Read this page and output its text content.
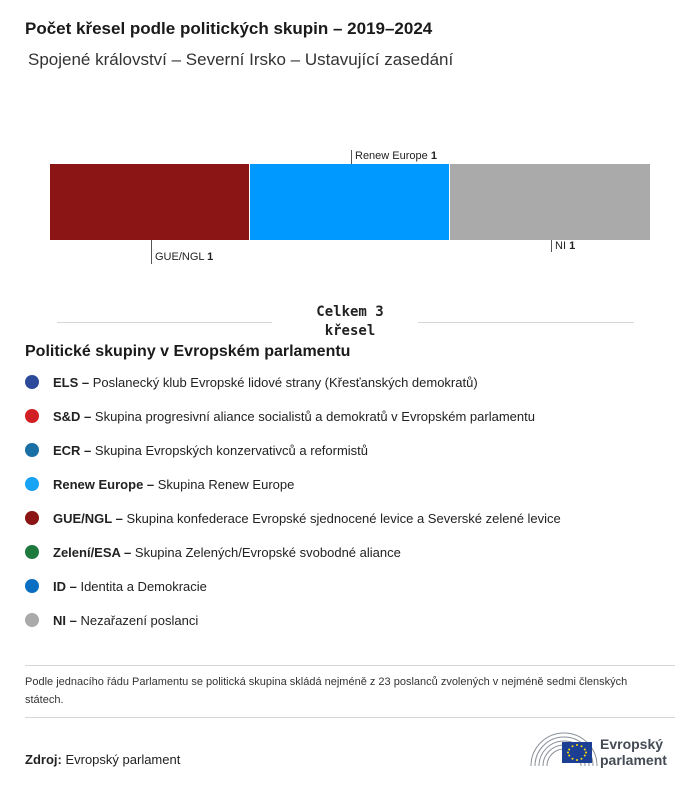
Počet křesel podle politických skupin – 2019–2024
Spojené království – Severní Irsko – Ustavující zasedání
GUE/NGL 1
Renew Europe 1
NI 1
Celkem 3 křesel
Politické skupiny v Evropském parlamentu
ELS – Poslanecký klub Evropské lidové strany (Křesťanských demokratů)
S&D – Skupina progresivní aliance socialistů a demokratů v Evropském parlamentu
ECR – Skupina Evropských konzervativců a reformistů
Renew Europe – Skupina Renew Europe
GUE/NGL – Skupina konfederace Evropské sjednocené levice a Severské zelené levice
Zelení/ESA – Skupina Zelených/Evropské svobodné aliance
ID – Identita a Demokracie
NI – Nezařazení poslanci
Podle jednacího řádu Parlamentu se politická skupina skládá nejméně z 23 poslanců zvolených v nejméně sedmi členských státech.
Zdroj: Evropský parlament
Evropský
parlament
